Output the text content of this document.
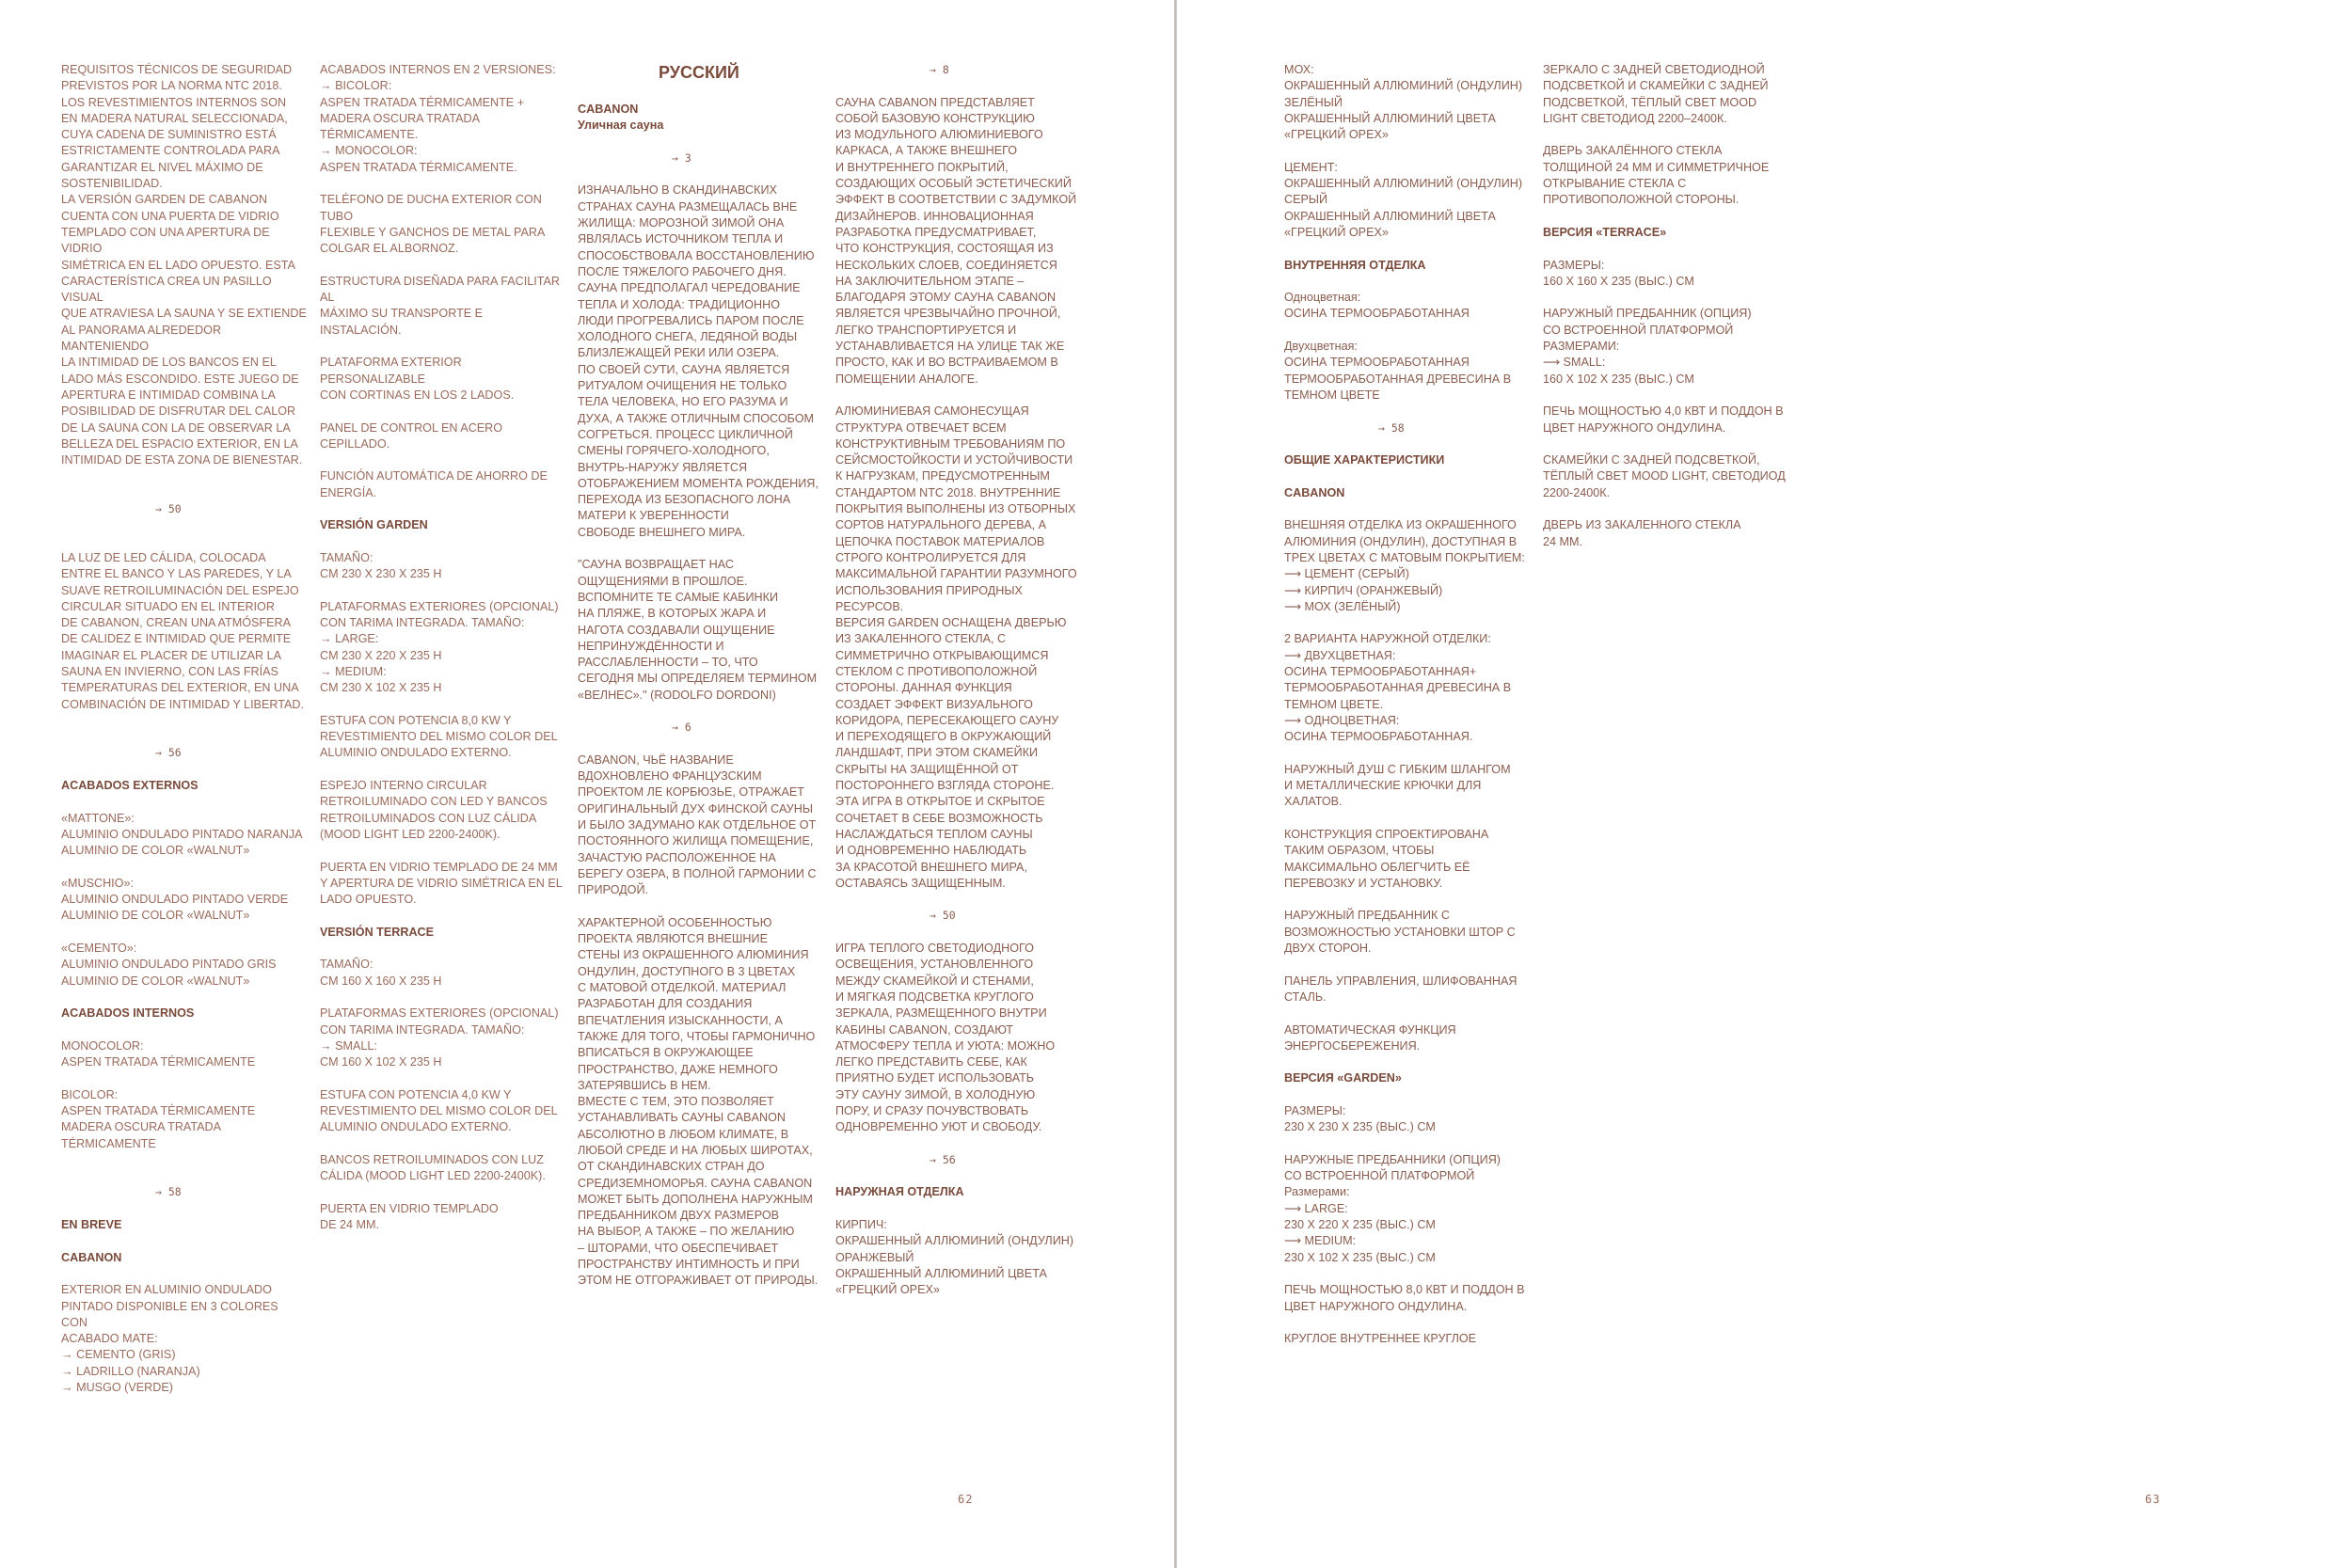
REQUISITOS TÉCNICOS DE SEGURIDAD
PREVISTOS POR LA NORMA NTC 2018.
LOS REVESTIMIENTOS INTERNOS SON
EN MADERA NATURAL SELECCIONADA,
CUYA CADENA DE SUMINISTRO ESTÁ
ESTRICTAMENTE CONTROLADA PARA
GARANTIZAR EL NIVEL MÁXIMO DE
SOSTENIBILIDAD.
LA VERSIÓN GARDEN DE CABANON
CUENTA CON UNA PUERTA DE VIDRIO
TEMPLADO CON UNA APERTURA DE VIDRIO
SIMÉTRICA EN EL LADO OPUESTO. ESTA
CARACTERÍSTICA CREA UN PASILLO VISUAL
QUE ATRAVIESA LA SAUNA Y SE EXTIENDE
AL PANORAMA ALREDEDOR MANTENIENDO
LA INTIMIDAD DE LOS BANCOS EN EL
LADO MÁS ESCONDIDO. ESTE JUEGO DE
APERTURA E INTIMIDAD COMBINA LA
POSIBILIDAD DE DISFRUTAR DEL CALOR
DE LA SAUNA CON LA DE OBSERVAR LA
BELLEZA DEL ESPACIO EXTERIOR, EN LA
INTIMIDAD DE ESTA ZONA DE BIENESTAR.

→ 50

LA LUZ DE LED CÁLIDA, COLOCADA
ENTRE EL BANCO Y LAS PAREDES, Y LA
SUAVE RETROILUMINACIÓN DEL ESPEJO
CIRCULAR SITUADO EN EL INTERIOR
DE CABANON, CREAN UNA ATMÓSFERA
DE CALIDEZ E INTIMIDAD QUE PERMITE
IMAGINAR EL PLACER DE UTILIZAR LA
SAUNA EN INVIERNO, CON LAS FRÍAS
TEMPERATURAS DEL EXTERIOR, EN UNA
COMBINACIÓN DE INTIMIDAD Y LIBERTAD.

→ 56

ACABADOS EXTERNOS

«MATTONE»:
ALUMINIO ONDULADO PINTADO NARANJA
ALUMINIO DE COLOR «WALNUT»

«MUSCHIO»:
ALUMINIO ONDULADO PINTADO VERDE
ALUMINIO DE COLOR «WALNUT»

«CEMENTO»:
ALUMINIO ONDULADO PINTADO GRIS
ALUMINIO DE COLOR «WALNUT»

ACABADOS INTERNOS

MONOCOLOR:
ASPEN TRATADA TÉRMICAMENTE

BICOLOR:
ASPEN TRATADA TÉRMICAMENTE
MADERA OSCURA TRATADA
TÉRMICAMENTE

→ 58

EN BREVE

CABANON

EXTERIOR EN ALUMINIO ONDULADO
PINTADO DISPONIBLE EN 3 COLORES CON
ACABADO MATE:
→ CEMENTO (GRIS)
→ LADRILLO (NARANJA)
→ MUSGO (VERDE)

ACABADOS INTERNOS EN 2 VERSIONES:
→ BICOLOR:
ASPEN TRATADA TÉRMICAMENTE +
MADERA OSCURA TRATADA
TÉRMICAMENTE.
→ MONOCOLOR:
ASPEN TRATADA TÉRMICAMENTE.

TELÉFONO DE DUCHA EXTERIOR CON TUBO
FLEXIBLE Y GANCHOS DE METAL PARA
COLGAR EL ALBORNOZ.

ESTRUCTURA DISEÑADA PARA FACILITAR AL
MÁXIMO SU TRANSPORTE E INSTALACIÓN.

PLATAFORMA EXTERIOR PERSONALIZABLE
CON CORTINAS EN LOS 2 LADOS.

PANEL DE CONTROL EN ACERO CEPILLADO.

FUNCIÓN AUTOMÁTICA DE AHORRO DE
ENERGÍA.

VERSIÓN GARDEN

TAMAÑO:
CM 230 X 230 X 235 H

PLATAFORMAS EXTERIORES (OPCIONAL)
CON TARIMA INTEGRADA. TAMAÑO:
→ LARGE:
CM 230 X 220 X 235 H
→ MEDIUM:
CM 230 X 102 X 235 H

ESTUFA CON POTENCIA 8,0 KW Y
REVESTIMIENTO DEL MISMO COLOR DEL
ALUMINIO ONDULADO EXTERNO.

ESPEJO INTERNO CIRCULAR
RETROILUMINADO CON LED Y BANCOS
RETROILUMINADOS CON LUZ CÁLIDA
(MOOD LIGHT LED 2200-2400K).

PUERTA EN VIDRIO TEMPLADO DE 24 MM
Y APERTURA DE VIDRIO SIMÉTRICA EN EL
LADO OPUESTO.

VERSIÓN TERRACE

TAMAÑO:
CM 160 X 160 X 235 H

PLATAFORMAS EXTERIORES (OPCIONAL)
CON TARIMA INTEGRADA. TAMAÑO:
→ SMALL:
CM 160 X 102 X 235 H

ESTUFA CON POTENCIA 4,0 KW Y
REVESTIMIENTO DEL MISMO COLOR DEL
ALUMINIO ONDULADO EXTERNO.

BANCOS RETROILUMINADOS CON LUZ
CÁLIDA (MOOD LIGHT LED 2200-2400K).

PUERTA EN VIDRIO TEMPLADO
DE 24 MM.

РУССКИЙ

CABANON

Уличная сауна

→ 3

ИЗНАЧАЛЬНО В СКАНДИНАВСКИХ
СТРАНАХ САУНА РАЗМЕЩАЛАСЬ ВНЕ
ЖИЛИЩА: МОРОЗНОЙ ЗИМОЙ ОНА
ЯВЛЯЛАСЬ ИСТОЧНИКОМ ТЕПЛА И
СПОСОБСТВОВАЛА ВОССТАНОВЛЕНИЮ
ПОСЛЕ ТЯЖЕЛОГО РАБОЧЕГО ДНЯ.
САУНА ПРЕДПОЛАГАЛ ЧЕРЕДОВАНИЕ
ТЕПЛА И ХОЛОДА: ТРАДИЦИОННО
ЛЮДИ ПРОГРЕВАЛИСЬ ПАРОМ ПОСЛЕ
ХОЛОДНОГО СНЕГА, ЛЕДЯНОЙ ВОДЫ
БЛИЗЛЕЖАЩЕЙ РЕКИ ИЛИ ОЗЕРА.
ПО СВОЕЙ СУТИ, САУНА ЯВЛЯЕТСЯ
РИТУАЛОМ ОЧИЩЕНИЯ НЕ ТОЛЬКО
ТЕЛА ЧЕЛОВЕКА, НО ЕГО РАЗУМА И
ДУХА, А ТАКЖЕ ОТЛИЧНЫМ СПОСОБОМ
СОГРЕТЬСЯ. ПРОЦЕСС ЦИКЛИЧНОЙ
СМЕНЫ ГОРЯЧЕГО-ХОЛОДНОГО,
ВНУТРЬ-НАРУЖУ ЯВЛЯЕТСЯ
ОТОБРАЖЕНИЕМ МОМЕНТА РОЖДЕНИЯ,
ПЕРЕХОДА ИЗ БЕЗОПАСНОГО ЛОНА
МАТЕРИ К УВЕРЕННОСТИ
СВОБОДЕ ВНЕШНЕГО МИРА.

"САУНА ВОЗВРАЩАЕТ НАС
ОЩУЩЕНИЯМИ В ПРОШЛОЕ.
ВСПОМНИТЕ ТЕ САМЫЕ КАБИНКИ
НА ПЛЯЖЕ, В КОТОРЫХ ЖАРА И
НАГОТА СОЗДАВАЛИ ОЩУЩЕНИЕ
НЕПРИНУЖДЁННОСТИ И
РАССЛАБЛЕННОСТИ – ТО, ЧТО
СЕГОДНЯ МЫ ОПРЕДЕЛЯЕМ ТЕРМИНОМ
«ВЕЛНЕС»." (RODOLFO DORDONI)

→ 6

CABANON, ЧЬЁ НАЗВАНИЕ
ВДОХНОВЛЕНО ФРАНЦУЗСКИМ
ПРОЕКТОМ ЛЕ КОРБЮЗЬЕ, ОТРАЖАЕТ
ОРИГИНАЛЬНЫЙ ДУХ ФИНСКОЙ САУНЫ
И БЫЛО ЗАДУМАНО КАК ОТДЕЛЬНОЕ ОТ
ПОСТОЯННОГО ЖИЛИЩА ПОМЕЩЕНИЕ,
ЗАЧАСТУЮ РАСПОЛОЖЕННОЕ НА
БЕРЕГУ ОЗЕРА, В ПОЛНОЙ ГАРМОНИИ С
ПРИРОДОЙ.

ХАРАКТЕРНОЙ ОСОБЕННОСТЬЮ
ПРОЕКТА ЯВЛЯЮТСЯ ВНЕШНИЕ
СТЕНЫ ИЗ ОКРАШЕННОГО АЛЮМИНИЯ
ОНДУЛИН, ДОСТУПНОГО В 3 ЦВЕТАХ
С МАТОВОЙ ОТДЕЛКОЙ. МАТЕРИАЛ
РАЗРАБОТАН ДЛЯ СОЗДАНИЯ
ВПЕЧАТЛЕНИЯ ИЗЫСКАННОСТИ, А
ТАКЖЕ ДЛЯ ТОГО, ЧТОБЫ ГАРМОНИЧНО
ВПИСАТЬСЯ В ОКРУЖАЮЩЕЕ
ПРОСТРАНСТВО, ДАЖЕ НЕМНОГО
ЗАТЕРЯВШИСЬ В НЕМ.
ВМЕСТЕ С ТЕМ, ЭТО ПОЗВОЛЯЕТ
УСТАНАВЛИВАТЬ САУНЫ CABANON
АБСОЛЮТНО В ЛЮБОМ КЛИМАТЕ, В
ЛЮБОЙ СРЕДЕ И НА ЛЮБЫХ ШИРОТАХ,
ОТ СКАНДИНАВСКИХ СТРАН ДО
СРЕДИЗЕМНОМОРЬЯ. САУНА CABANON
МОЖЕТ БЫТЬ ДОПОЛНЕНА НАРУЖНЫМ
ПРЕДБАННИКОМ ДВУХ РАЗМЕРОВ
НА ВЫБОР, А ТАКЖЕ – ПО ЖЕЛАНИЮ
– ШТОРАМИ, ЧТО ОБЕСПЕЧИВАЕТ
ПРОСТРАНСТВУ ИНТИМНОСТЬ И ПРИ
ЭТОМ НЕ ОТГОРАЖИВАЕТ ОТ ПРИРОДЫ.

→ 8

САУНА CABANON ПРЕДСТАВЛЯЕТ
СОБОЙ БАЗОВУЮ КОНСТРУКЦИЮ
ИЗ МОДУЛЬНОГО АЛЮМИНИЕВОГО
КАРКАСА, А ТАКЖЕ ВНЕШНЕГО
И ВНУТРЕННЕГО ПОКРЫТИЙ,
СОЗДАЮЩИХ ОСОБЫЙ ЭСТЕТИЧЕСКИЙ
ЭФФЕКТ В СООТВЕТСТВИИ С ЗАДУМКОЙ
ДИЗАЙНЕРОВ. ИННОВАЦИОННАЯ
РАЗРАБОТКА ПРЕДУСМАТРИВАЕТ,
ЧТО КОНСТРУКЦИЯ, СОСТОЯЩАЯ ИЗ
НЕСКОЛЬКИХ СЛОЕВ, СОЕДИНЯЕТСЯ
НА ЗАКЛЮЧИТЕЛЬНОМ ЭТАПЕ –
БЛАГОДАРЯ ЭТОМУ САУНА CABANON
ЯВЛЯЕТСЯ ЧРЕЗВЫЧАЙНО ПРОЧНОЙ,
ЛЕГКО ТРАНСПОРТИРУЕТСЯ И
УСТАНАВЛИВАЕТСЯ НА УЛИЦЕ ТАК ЖЕ
ПРОСТО, КАК И ВО ВСТРАИВАЕМОМ В
ПОМЕЩЕНИИ АНАЛОГЕ.

АЛЮМИНИЕВАЯ САМОНЕСУЩАЯ
СТРУКТУРА ОТВЕЧАЕТ ВСЕМ
КОНСТРУКТИВНЫМ ТРЕБОВАНИЯМ ПО
СЕЙСМОСТОЙКОСТИ И УСТОЙЧИВОСТИ
К НАГРУЗКАМ, ПРЕДУСМОТРЕННЫМ
СТАНДАРТОМ NTC 2018. ВНУТРЕННИЕ
ПОКРЫТИЯ ВЫПОЛНЕНЫ ИЗ ОТБОРНЫХ
СОРТОВ НАТУРАЛЬНОГО ДЕРЕВА, А
ЦЕПОЧКА ПОСТАВОК МАТЕРИАЛОВ
СТРОГО КОНТРОЛИРУЕТСЯ ДЛЯ
МАКСИМАЛЬНОЙ ГАРАНТИИ РАЗУМНОГО
ИСПОЛЬЗОВАНИЯ ПРИРОДНЫХ
РЕСУРСОВ.
ВЕРСИЯ GARDEN ОСНАЩЕНА ДВЕРЬЮ
ИЗ ЗАКАЛЕННОГО СТЕКЛА, С
СИММЕТРИЧНО ОТКРЫВАЮЩИМСЯ
СТЕКЛОМ С ПРОТИВОПОЛОЖНОЙ
СТОРОНЫ. ДАННАЯ ФУНКЦИЯ
СОЗДАЕТ ЭФФЕКТ ВИЗУАЛЬНОГО
КОРИДОРА, ПЕРЕСЕКАЮЩЕГО САУНУ
И ПЕРЕХОДЯЩЕГО В ОКРУЖАЮЩИЙ
ЛАНДШАФТ, ПРИ ЭТОМ СКАМЕЙКИ
СКРЫТЫ НА ЗАЩИЩЁННОЙ ОТ
ПОСТОРОННЕГО ВЗГЛЯДА СТОРОНЕ.
ЭТА ИГРА В ОТКРЫТОЕ И СКРЫТОЕ
СОЧЕТАЕТ В СЕБЕ ВОЗМОЖНОСТЬ
НАСЛАЖДАТЬСЯ ТЕПЛОМ САУНЫ
И ОДНОВРЕМЕННО НАБЛЮДАТЬ
ЗА КРАСОТОЙ ВНЕШНЕГО МИРА,
ОСТАВАЯСЬ ЗАЩИЩЕННЫМ.

→ 50

ИГРА ТЕПЛОГО СВЕТОДИОДНОГО
ОСВЕЩЕНИЯ, УСТАНОВЛЕННОГО
МЕЖДУ СКАМЕЙКОЙ И СТЕНАМИ,
И МЯГКАЯ ПОДСВЕТКА КРУГЛОГО
ЗЕРКАЛА, РАЗМЕЩЕННОГО ВНУТРИ
КАБИНЫ CABANON, СОЗДАЮТ
АТМОСФЕРУ ТЕПЛА И УЮТА: МОЖНО
ЛЕГКО ПРЕДСТАВИТЬ СЕБЕ, КАК
ПРИЯТНО БУДЕТ ИСПОЛЬЗОВАТЬ
ЭТУ САУНУ ЗИМОЙ, В ХОЛОДНУЮ
ПОРУ, И СРАЗУ ПОЧУВСТВОВАТЬ
ОДНОВРЕМЕННО УЮТ И СВОБОДУ.

→ 56

НАРУЖНАЯ ОТДЕЛКА

КИРПИЧ:
ОКРАШЕННЫЙ АЛЛЮМИНИЙ (ОНДУЛИН)
ОРАНЖЕВЫЙ
ОКРАШЕННЫЙ АЛЛЮМИНИЙ ЦВЕТА
«ГРЕЦКИЙ ОРЕХ»

МОХ:
ОКРАШЕННЫЙ АЛЛЮМИНИЙ (ОНДУЛИН)
ЗЕЛЁНЫЙ
ОКРАШЕННЫЙ АЛЛЮМИНИЙ ЦВЕТА
«ГРЕЦКИЙ ОРЕХ»

ЦЕМЕНТ:
ОКРАШЕННЫЙ АЛЛЮМИНИЙ (ОНДУЛИН)
СЕРЫЙ
ОКРАШЕННЫЙ АЛЛЮМИНИЙ ЦВЕТА
«ГРЕЦКИЙ ОРЕХ»

ВНУТРЕННЯЯ ОТДЕЛКА

Одноцветная:
ОСИНА ТЕРМООБРАБОТАННАЯ

Двухцветная:
ОСИНА ТЕРМООБРАБОТАННАЯ
ТЕРМООБРАБОТАННАЯ ДРЕВЕСИНА В
ТЕМНОМ ЦВЕТЕ

→ 58

ОБЩИЕ ХАРАКТЕРИСТИКИ

CABANON

ВНЕШНЯЯ ОТДЕЛКА ИЗ ОКРАШЕННОГО
АЛЮМИНИЯ (ОНДУЛИН), ДОСТУПНАЯ В
ТРЕХ ЦВЕТАХ С МАТОВЫМ ПОКРЫТИЕМ:
⟶ ЦЕМЕНТ (СЕРЫЙ)
⟶ КИРПИЧ (ОРАНЖЕВЫЙ)
⟶ МОХ (ЗЕЛЁНЫЙ)

2 ВАРИАНТА НАРУЖНОЙ ОТДЕЛКИ:
⟶ ДВУХЦВЕТНАЯ:
ОСИНА ТЕРМООБРАБОТАННАЯ+
ТЕРМООБРАБОТАННАЯ ДРЕВЕСИНА В
ТЕМНОМ ЦВЕТЕ.
⟶ ОДНОЦВЕТНАЯ:
ОСИНА ТЕРМООБРАБОТАННАЯ.

НАРУЖНЫЙ ДУШ С ГИБКИМ ШЛАНГОМ
И МЕТАЛЛИЧЕСКИЕ КРЮЧКИ ДЛЯ
ХАЛАТОВ.

КОНСТРУКЦИЯ СПРОЕКТИРОВАНА
ТАКИМ ОБРАЗОМ, ЧТОБЫ
МАКСИМАЛЬНО ОБЛЕГЧИТЬ ЕЁ
ПЕРЕВОЗКУ И УСТАНОВКУ.

НАРУЖНЫЙ ПРЕДБАННИК С
ВОЗМОЖНОСТЬЮ УСТАНОВКИ ШТОР С
ДВУХ СТОРОН.

ПАНЕЛЬ УПРАВЛЕНИЯ, ШЛИФОВАННАЯ
СТАЛЬ.

АВТОМАТИЧЕСКАЯ ФУНКЦИЯ
ЭНЕРГОСБЕРЕЖЕНИЯ.

ВЕРСИЯ «GARDEN»

РАЗМЕРЫ:
230 X 230 X 235 (ВЫС.) СМ

НАРУЖНЫЕ ПРЕДБАННИКИ (ОПЦИЯ)
СО ВСТРОЕННОЙ ПЛАТФОРМОЙ
Размерами:
⟶ LARGE:
230 X 220 X 235 (ВЫС.) СМ
⟶ MEDIUM:
230 X 102 X 235 (ВЫС.) СМ

ПЕЧЬ МОЩНОСТЬЮ 8,0 КВТ И ПОДДОН В
ЦВЕТ НАРУЖНОГО ОНДУЛИНА.

КРУГЛОЕ ВНУТРЕННЕЕ КРУГЛОЕ

ЗЕРКАЛО С ЗАДНЕЙ СВЕТОДИОДНОЙ
ПОДСВЕТКОЙ И СКАМЕЙКИ С ЗАДНЕЙ
ПОДСВЕТКОЙ, ТЁПЛЫЙ СВЕТ MOOD
LIGHT СВЕТОДИОД 2200–2400К.

ДВЕРЬ ЗАКАЛЁННОГО СТЕКЛА
ТОЛЩИНОЙ 24 ММ И СИММЕТРИЧНОЕ
ОТКРЫВАНИЕ СТЕКЛА С
ПРОТИВОПОЛОЖНОЙ СТОРОНЫ.

ВЕРСИЯ «TERRACE»

РАЗМЕРЫ:
160 X 160 X 235 (ВЫС.) СМ

НАРУЖНЫЙ ПРЕДБАННИК (ОПЦИЯ)
СО ВСТРОЕННОЙ ПЛАТФОРМОЙ
РАЗМЕРАМИ:
⟶ SMALL:
160 X 102 X 235 (ВЫС.) СМ

ПЕЧЬ МОЩНОСТЬЮ 4,0 КВТ И ПОДДОН В
ЦВЕТ НАРУЖНОГО ОНДУЛИНА.

СКАМЕЙКИ С ЗАДНЕЙ ПОДСВЕТКОЙ,
ТЁПЛЫЙ СВЕТ MOOD LIGHT, СВЕТОДИОД
2200-2400К.

ДВЕРЬ ИЗ ЗАКАЛЕННОГО СТЕКЛА
24 ММ.

62	63
